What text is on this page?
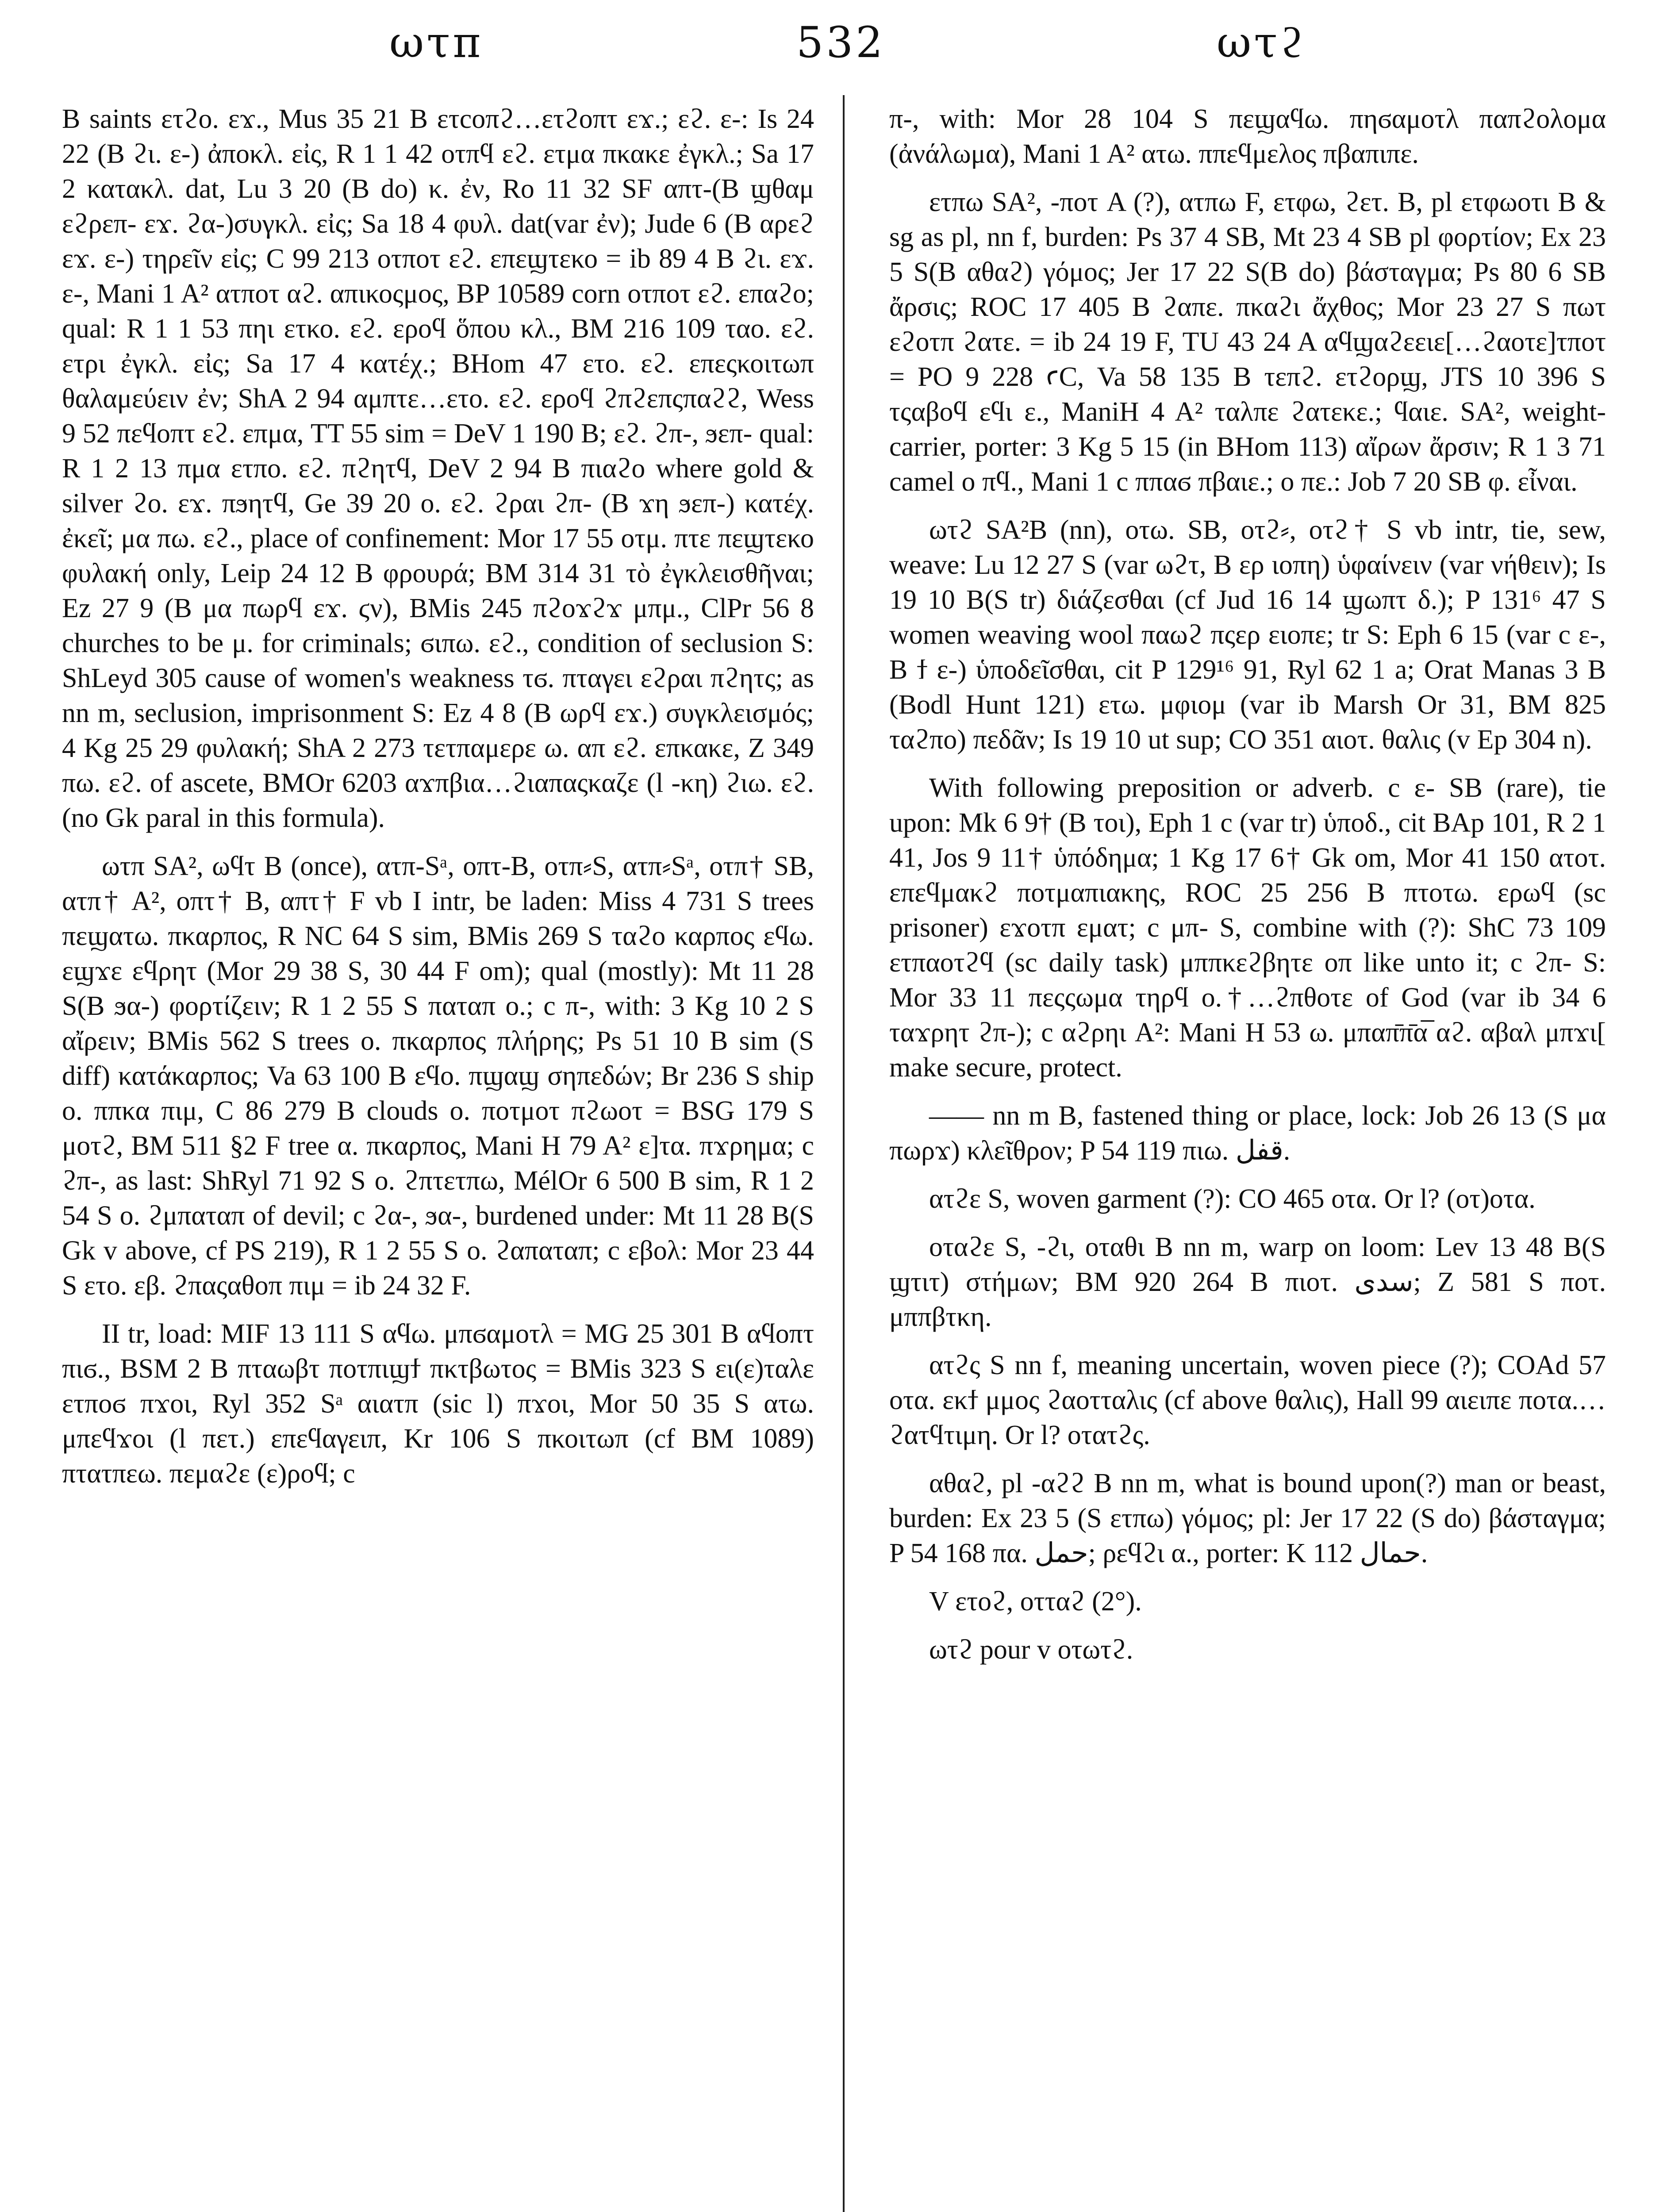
ωτπ	532	ωτϩ

B saints ετϩο. εϫ., Mus 35 21 B ετcοπϩ…ετϩοπτ εϫ.; εϩ. ε-: Is 24 22 (B ϩι. ε-) ἀποκλ. εἰς, R 1 1 42 οτπϥ εϩ. ετμα πκακε ἐγκλ.; Sa 17 2 κατακλ. dat, Lu 3 20 (B do) κ. ἐν, Ro 11 32 SF απτ-(B ϣθαμ εϩρεπ- εϫ. ϩα-)συγκλ. εἰς; Sa 18 4 φυλ. dat(var ἐν); Jude 6 (B αρεϩ εϫ. ε-) τηρεῖν εἰς; C 99 213 οτποτ εϩ. επεϣτεκο = ib 89 4 B ϩι. εϫ. ε-, Mani 1 A² ατποτ αϩ. απικοςμος, BP 10589 corn οτποτ εϩ. επαϩο; qual: R 1 1 53 πηι ετκο. εϩ. εροϥ ὅπου κλ., BM 216 109 ταο. εϩ. ετρι ἐγκλ. εἰς; Sa 17 4 κατέχ.; BHom 47 ετο. εϩ. επεςκοιτωπ θαλαμεύειν ἐν; ShA 2 94 αμπτε…ετο. εϩ. εροϥ ϩπϩεπςπαϩϩ, Wess 9 52 πεϥοπτ εϩ. επμα, TT 55 sim = DeV 1 190 B; εϩ. ϩπ-, ϧεπ- qual: R 1 2 13 πμα ετπο. εϩ. πϩητϥ, DeV 2 94 B πιαϩο where gold & silver ϩο. εϫ. πϧητϥ, Ge 39 20 ο. εϩ. ϩραι ϩπ- (B ϫη ϧεπ-) κατέχ. ἐκεῖ; μα πω. εϩ., place of confinement: Mor 17 55 οτμ. πτε πεϣτεκο φυλακή only, Leip 24 12 B φρουρά; BM 314 31 τὸ ἐγκλεισθῆναι; Ez 27 9 (B μα πωρϥ εϫ. ϛν), BMis 245 πϩοϫϩϫ μπμ., ClPr 56 8 churches to be μ. for criminals; ϭιπω. εϩ., condition of seclusion S: ShLeyd 305 cause of women's weakness τϭ. πταγει εϩραι πϩητς; as nn m, seclusion, imprisonment S: Ez 4 8 (B ωρϥ εϫ.) συγκλεισμός; 4 Kg 25 29 φυλακή; ShA 2 273 τετπαμερε ω. απ εϩ. επκακε, Z 349 πω. εϩ. of ascete, BMOr 6203 αϫπβια…ϩιαπαςκαζε (l -κη) ϩιω. εϩ. (no Gk paral in this formula).

ωτπ SA², ωϥτ B (once), ατπ-Sᵃ, οπτ-B, οτπ⸗S, ατπ⸗Sᵃ, οτπ† SB, ατπ† A², οπτ† B, απτ† F vb I intr, be laden: Miss 4 731 S trees πεϣατω. πκαρπος, R NC 64 S sim, BMis 269 S ταϩο καρπος εϥω. εϣϫε εϥρητ (Mor 29 38 S, 30 44 F om); qual (mostly): Mt 11 28 S(B ϧα-) φορτίζειν; R 1 2 55 S παταπ ο.; c π-, with: 3 Kg 10 2 S αἴρειν; BMis 562 S trees ο. πκαρπος πλήρης; Ps 51 10 B sim (S diff) κατάκαρπος; Va 63 100 B εϥο. πϣαϣ σηπεδών; Br 236 S ship ο. ππκα πιμ, C 86 279 B clouds ο. ποτμοτ πϩωοτ = BSG 179 S μοτϩ, BM 511 §2 F tree α. πκαρπος, Mani H 79 A² ε]τα. πϫρημα; c ϩπ-, as last: ShRyl 71 92 S ο. ϩπτετπω, MélOr 6 500 B sim, R 1 2 54 S ο. ϩμπαταπ of devil; c ϩα-, ϧα-, burdened under: Mt 11 28 B(S Gk v above, cf PS 219), R 1 2 55 S ο. ϩαπαταπ; c εβολ: Mor 23 44 S ετο. εβ. ϩπαςαθοπ πιμ = ib 24 32 F.

II tr, load: MIF 13 111 S αϥω. μπϭαμοτλ = MG 25 301 B αϥοπτ πιϭ., BSM 2 B πταωβτ ποτπιϣϯ πκτβωτος = BMis 323 S ει(ε)ταλε ετποϭ πϫοι, Ryl 352 Sᵃ αιατπ (sic l) πϫοι, Mor 50 35 S ατω. μπεϥϫοι (l πετ.) επεϥαγειπ, Kr 106 S πκοιτωπ (cf BM 1089) πτατπεω. πεμαϩε (ε)ροϥ; c

π-, with: Mor 28 104 S πεϣαϥω. πηϭαμοτλ παπϩολομα (ἀνάλωμα), Mani 1 A² ατω. ππεϥμελος πβαπιπε.

ετπω SA², -ποτ A (?), ατπω F, ετφω, ϩετ. B, pl ετφωοτι B & sg as pl, nn f, burden: Ps 37 4 SB, Mt 23 4 SB pl φορτίον; Ex 23 5 S(B αθαϩ) γόμος; Jer 17 22 S(B do) βάσταγμα; Ps 80 6 SB ἄρσις; ROC 17 405 B ϩαπε. πκαϩι ἄχθος; Mor 23 27 S πωτ εϩοτπ ϩατε. = ib 24 19 F, TU 43 24 A αϥϣαϩεειε[…ϩαοτε]τποτ = PO 9 228 ꜥϹ, Va 58 135 B τεπϩ. ετϩορϣ, JTS 10 396 S τςαβοϥ εϥι ε., ManiH 4 A² ταλπε ϩατεκε.; ϥαιε. SA², weight-carrier, porter: 3 Kg 5 15 (in BHom 113) αἴρων ἄρσιν; R 1 3 71 camel ο πϥ., Mani 1 c ππαϭ πβαιε.; ο πε.: Job 7 20 SB φ. εἶναι.

ωτϩ SA²B (nn), οτω. SB, οτϩ⸗, οτϩ† S vb intr, tie, sew, weave: Lu 12 27 S (var ωϩτ, B ερ ιοπη) ὑφαίνειν (var νήθειν); Is 19 10 B(S tr) διάζεσθαι (cf Jud 16 14 ϣωπτ δ.); P 131⁶ 47 S women weaving wool παωϩ πςερ ειοπε; tr S: Eph 6 15 (var c ε-, B ϯ ε-) ὑποδεῖσθαι, cit P 129¹⁶ 91, Ryl 62 1 a; Orat Manas 3 B (Bodl Hunt 121) ετω. μφιομ (var ib Marsh Or 31, BM 825 ταϩπο) πεδᾶν; Is 19 10 ut sup; CO 351 αιοτ. θαλις (v Ep 304 n).

With following preposition or adverb. c ε- SB (rare), tie upon: Mk 6 9† (B τοι), Eph 1 c (var tr) ὑποδ., cit BAp 101, R 2 1 41, Jos 9 11† ὑπόδημα; 1 Kg 17 6† Gk om, Mor 41 150 ατοτ. επεϥμακϩ ποτμαπιακης, ROC 25 256 B πτοτω. ερωϥ (sc prisoner) εϫοτπ εματ; c μπ- S, combine with (?): ShC 73 109 ετπαοτϩϥ (sc daily task) μππκεϩβητε οπ like unto it; c ϩπ- S: Mor 33 11 πεςςωμα τηρϥ ο.†…ϩπθοτε of God (var ib 34 6 ταϫρητ ϩπ-); c αϩρηι A²: Mani H 53 ω. μπαπ̄π̄α̅ αϩ. αβαλ μπϫι[ make secure, protect.

—— nn m B, fastened thing or place, lock: Job 26 13 (S μα πωρϫ) κλεῖθρον; P 54 119 πιω. قفل.

ατϩε S, woven garment (?): CO 465 οτα. Or l? (οτ)οτα.

οταϩε S, -ϩι, οταθι B nn m, warp on loom: Lev 13 48 B(S ϣτιτ) στήμων; BM 920 264 B πιοτ. سدى; Z 581 S ποτ. μππβτκη.

ατϩς S nn f, meaning uncertain, woven piece (?); COAd 57 οτα. εκϯ μμος ϩαοτταλις (cf above θαλις), Hall 99 αιειπε ποτα.…ϩατϥτιμη. Or l? οτατϩς.

αθαϩ, pl -αϩϩ B nn m, what is bound upon(?) man or beast, burden: Ex 23 5 (S ετπω) γόμος; pl: Jer 17 22 (S do) βάσταγμα; P 54 168 πα. حمل; ρεϥϩι α., porter: K 112 حمال.

V ετοϩ, οτταϩ (2°).

ωτϩ pour v οτωτϩ.
